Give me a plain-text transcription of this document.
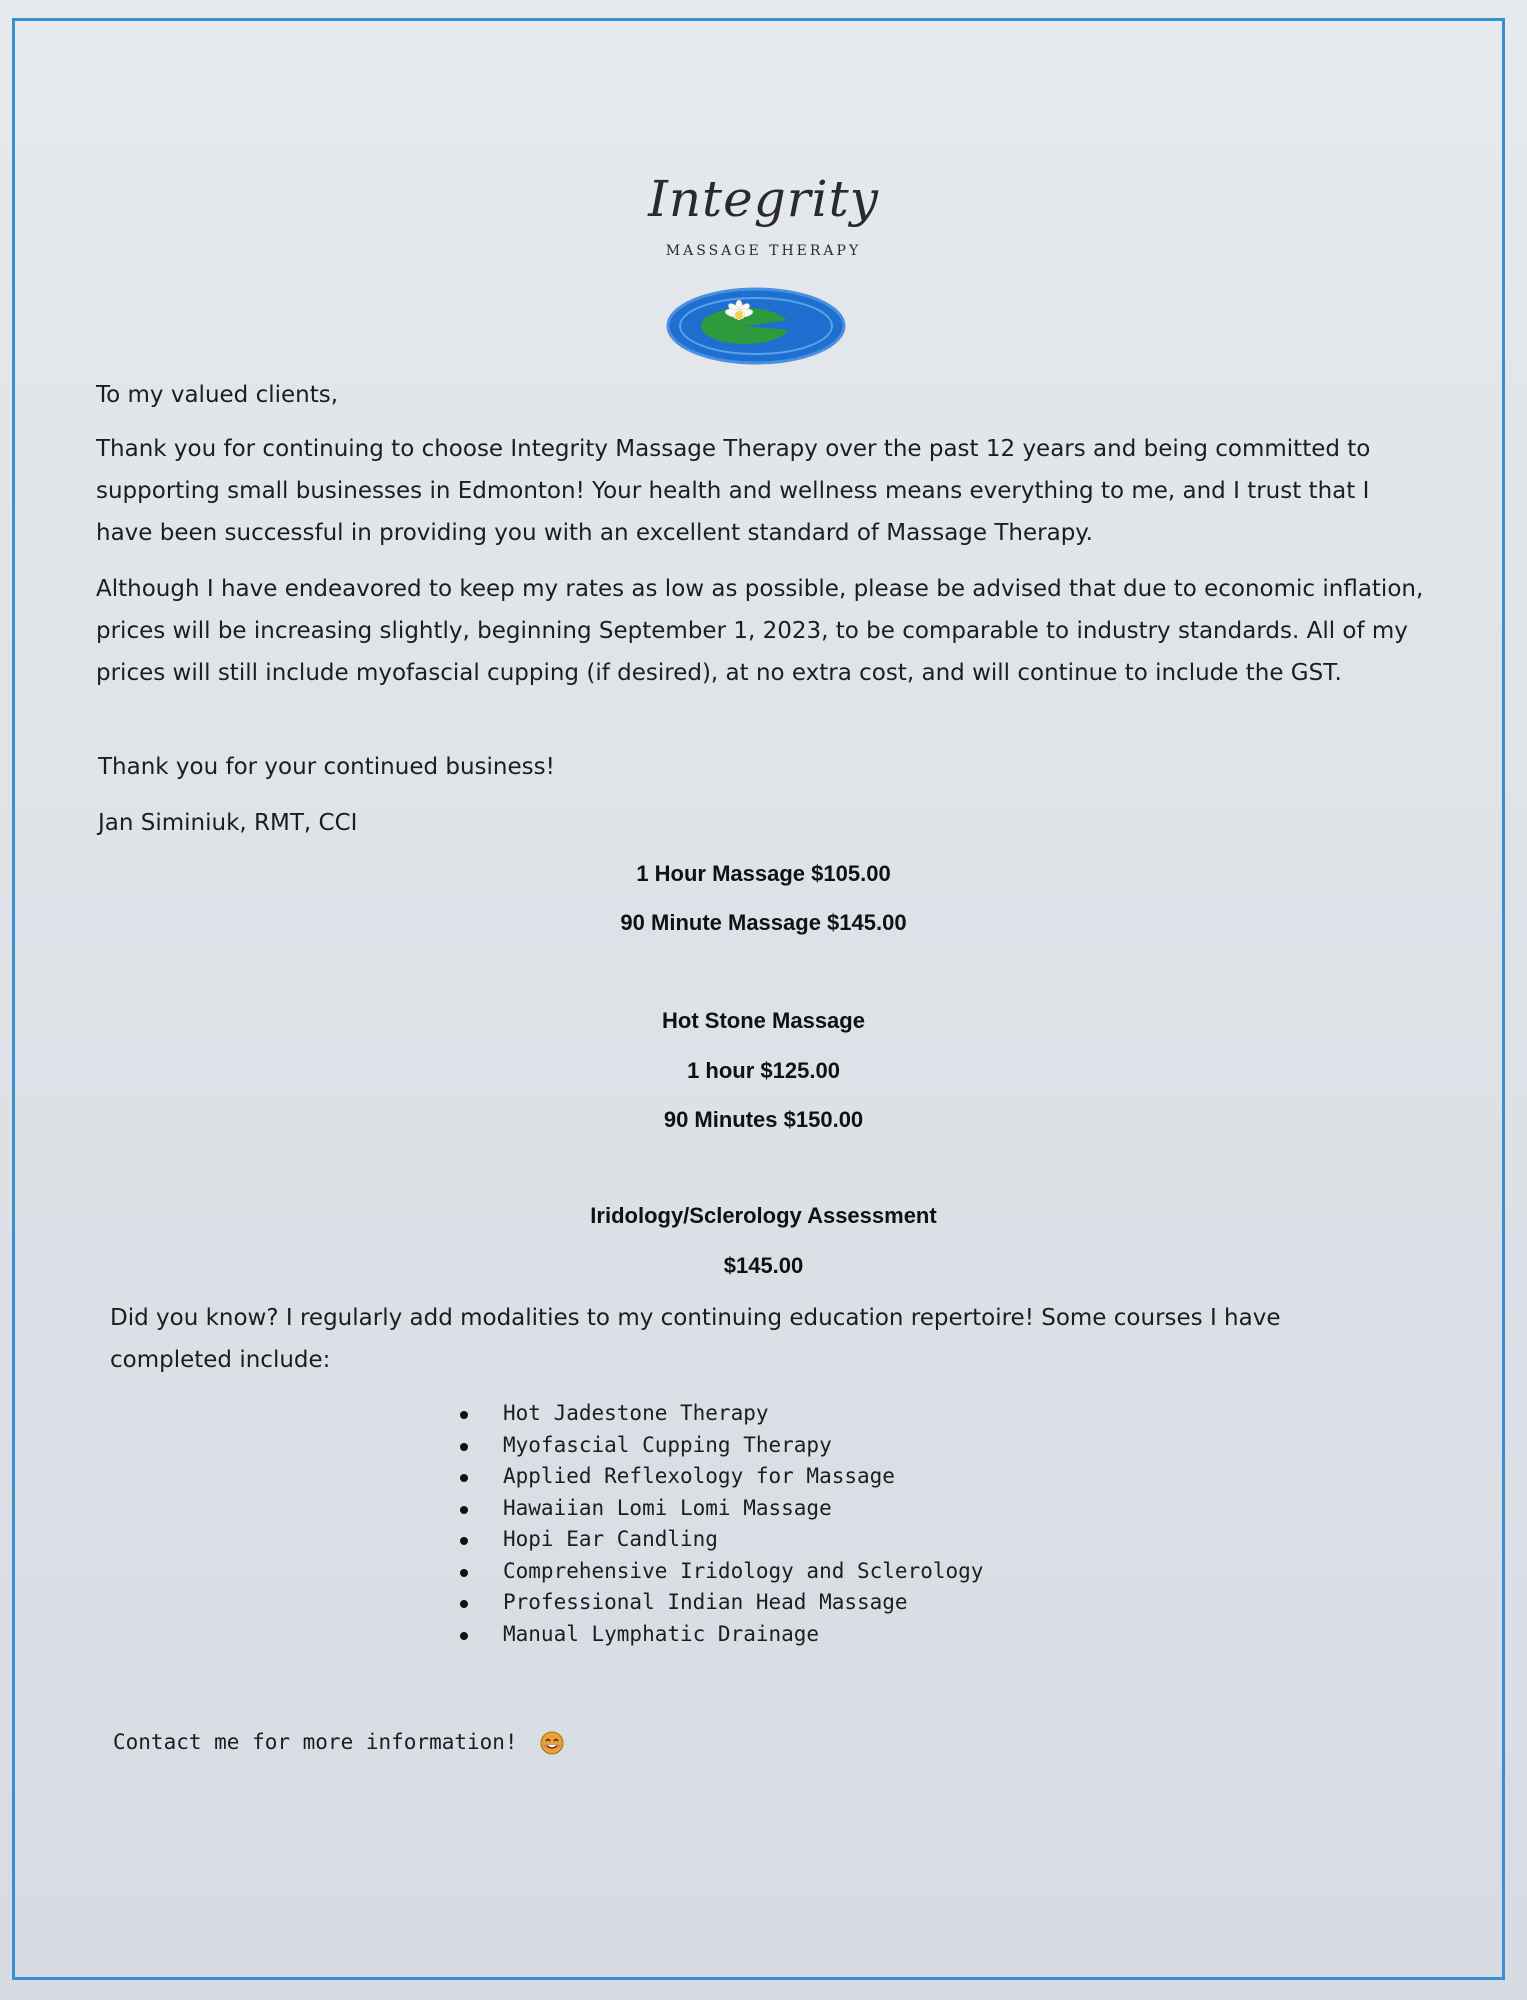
Integrity
MASSAGE THERAPY

To my valued clients,

Thank you for continuing to choose Integrity Massage Therapy over the past 12 years and being committed to supporting small businesses in Edmonton! Your health and wellness means everything to me, and I trust that I have been successful in providing you with an excellent standard of Massage Therapy.

Although I have endeavored to keep my rates as low as possible, please be advised that due to economic inflation, prices will be increasing slightly, beginning September 1, 2023, to be comparable to industry standards. All of my prices will still include myofascial cupping (if desired), at no extra cost, and will continue to include the GST.

Thank you for your continued business!

Jan Siminiuk, RMT, CCI

1 Hour Massage $105.00
90 Minute Massage $145.00
Hot Stone Massage
1 hour $125.00
90 Minutes $150.00
Iridology/Sclerology Assessment
$145.00

Did you know? I regularly add modalities to my continuing education repertoire! Some courses I have completed include:

Hot Jadestone Therapy
Myofascial Cupping Therapy
Applied Reflexology for Massage
Hawaiian Lomi Lomi Massage
Hopi Ear Candling
Comprehensive Iridology and Sclerology
Professional Indian Head Massage
Manual Lymphatic Drainage
Contact me for more information!
